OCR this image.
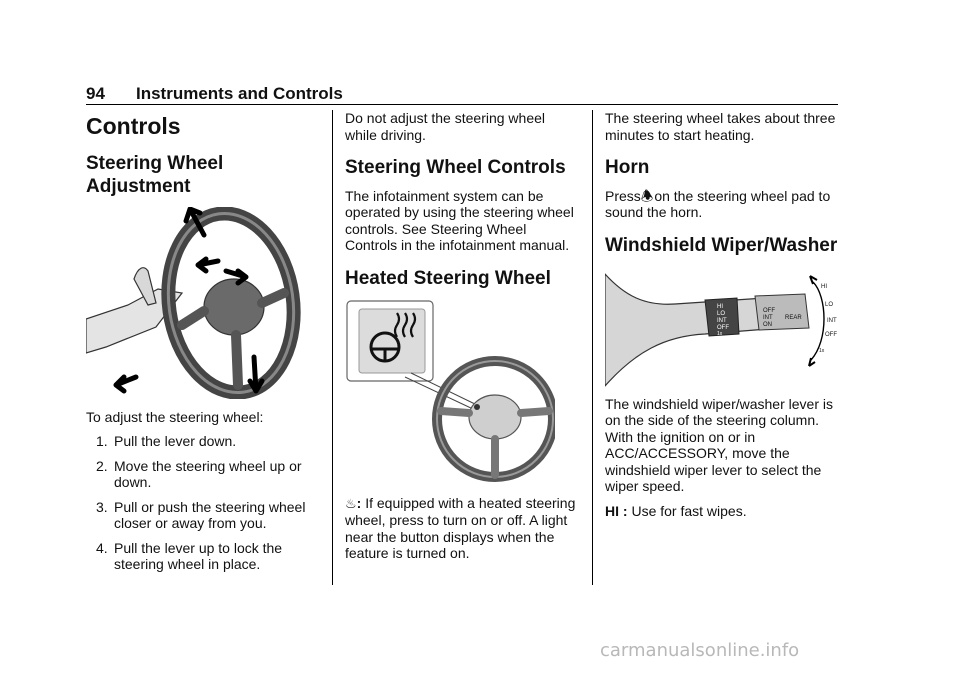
94 Instruments and Controls
Controls
Steering Wheel
Adjustment

To adjust the steering wheel:

1. Pull the lever down.
2. Move the steering wheel up or down.
3. Pull or push the steering wheel closer or away from you.
4. Pull the lever up to lock the steering wheel in place.

Do not adjust the steering wheel while driving.

Steering Wheel Controls

The infotainment system can be operated by using the steering wheel controls. See Steering Wheel Controls in the infotainment manual.

Heated Steering Wheel

♨: If equipped with a heated steering wheel, press to turn on or off. A light near the button displays when the feature is turned on.

The steering wheel takes about three minutes to start heating.

Horn

Press🕭on the steering wheel pad to sound the horn.

Windshield Wiper/Washer
HI
LO
INT
OFF
1x
OFF
INT
ON
REAR
HI
LO
INT
OFF
1x

The windshield wiper/washer lever is on the side of the steering column. With the ignition on or in ACC/ACCESSORY, move the windshield wiper lever to select the wiper speed.

HI : Use for fast wipes.

carmanualsonline.info
